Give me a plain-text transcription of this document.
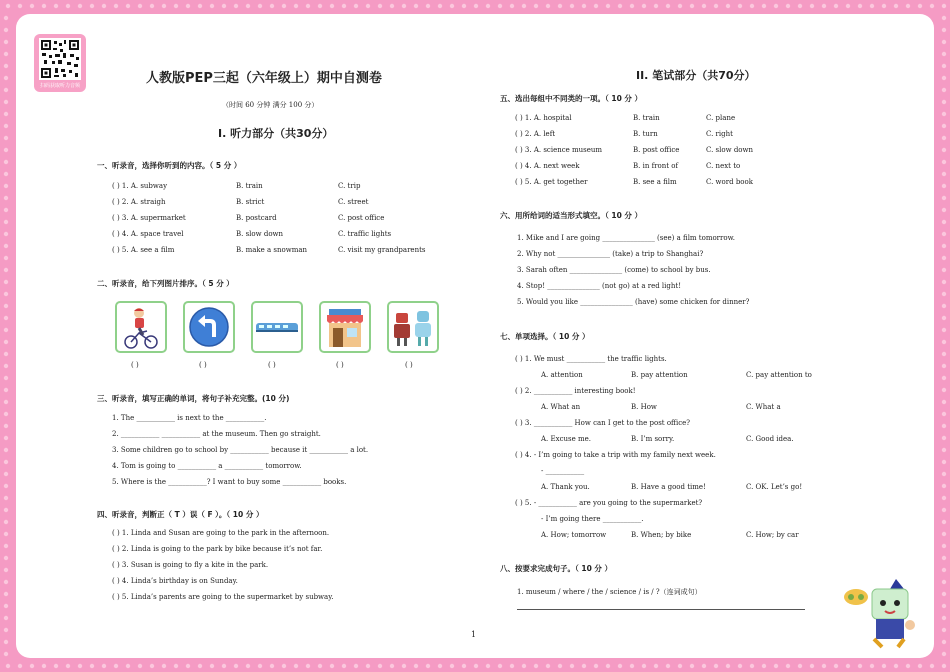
扫码获取听力音频	人教版PEP三起（六年级上）期中自测卷
（时间 60 分钟 满分 100 分）
I. 听力部分（共30分）
一、听录音，选择你听到的内容。（ 5 分 ）
( ) 1. A. subway	B. train	C. trip
( ) 2. A. straigh	B. strict	C. street
( ) 3. A. supermarket	B. postcard	C. post office
( ) 4. A. space travel	B. slow down	C. traffic lights
( ) 5. A. see a film	B. make a snowman	C. visit my grandparents
二、听录音，给下列图片排序。（ 5 分 ）
( )	( )	( )	( )	( )
三、听录音，填写正确的单词，将句子补充完整。(10 分)
1. The ___________ is next to the ___________.
2. ___________ ___________ at the museum. Then go straight.
3. Some children go to school by ___________ because it ___________ a lot.
4. Tom is going to ___________ a ___________ tomorrow.
5. Where is the ___________? I want to buy some ___________ books.
四、听录音，判断正（ T ）误（ F ）。（ 10 分 ）
( ) 1. Linda and Susan are going to the park in the afternoon.
( ) 2. Linda is going to the park by bike because it’s not far.
( ) 3. Susan is going to fly a kite in the park.
( ) 4. Linda’s birthday is on Sunday.
( ) 5. Linda’s parents are going to the supermarket by subway.
II. 笔试部分（共70分）
五、选出每组中不同类的一项。（ 10 分 ）
( ) 1. A. hospital	B. train	C. plane
( ) 2. A. left	B. turn	C. right
( ) 3. A. science museum	B. post office	C. slow down
( ) 4. A. next week	B. in front of	C. next to
( ) 5. A. get together	B. see a film	C. word book
六、用所给词的适当形式填空。（ 10 分 ）
1. Mike and I are going _______________ (see) a film tomorrow.
2. Why not _______________ (take) a trip to Shanghai?
3. Sarah often _______________ (come) to school by bus.
4. Stop! _______________ (not go) at a red light!
5. Would you like _______________ (have) some chicken for dinner?
七、单项选择。（ 10 分 ）
( ) 1. We must ___________ the traffic lights.
A. attention	B. pay attention	C. pay attention to
( ) 2. ___________ interesting book!
A. What an	B. How	C. What a
( ) 3. ___________ How can I get to the post office?
A. Excuse me.	B. I’m sorry.	C. Good idea.
( ) 4. - I’m going to take a trip with my family next week.
- ___________
A. Thank you.	B. Have a good time!	C. OK. Let’s go!
( ) 5. - ___________ are you going to the supermarket?
- I’m going there ___________.
A. How; tomorrow	B. When; by bike	C. How; by car
八、按要求完成句子。（ 10 分 ）
1. museum / where / the / science / is / ?（连词成句）
1
